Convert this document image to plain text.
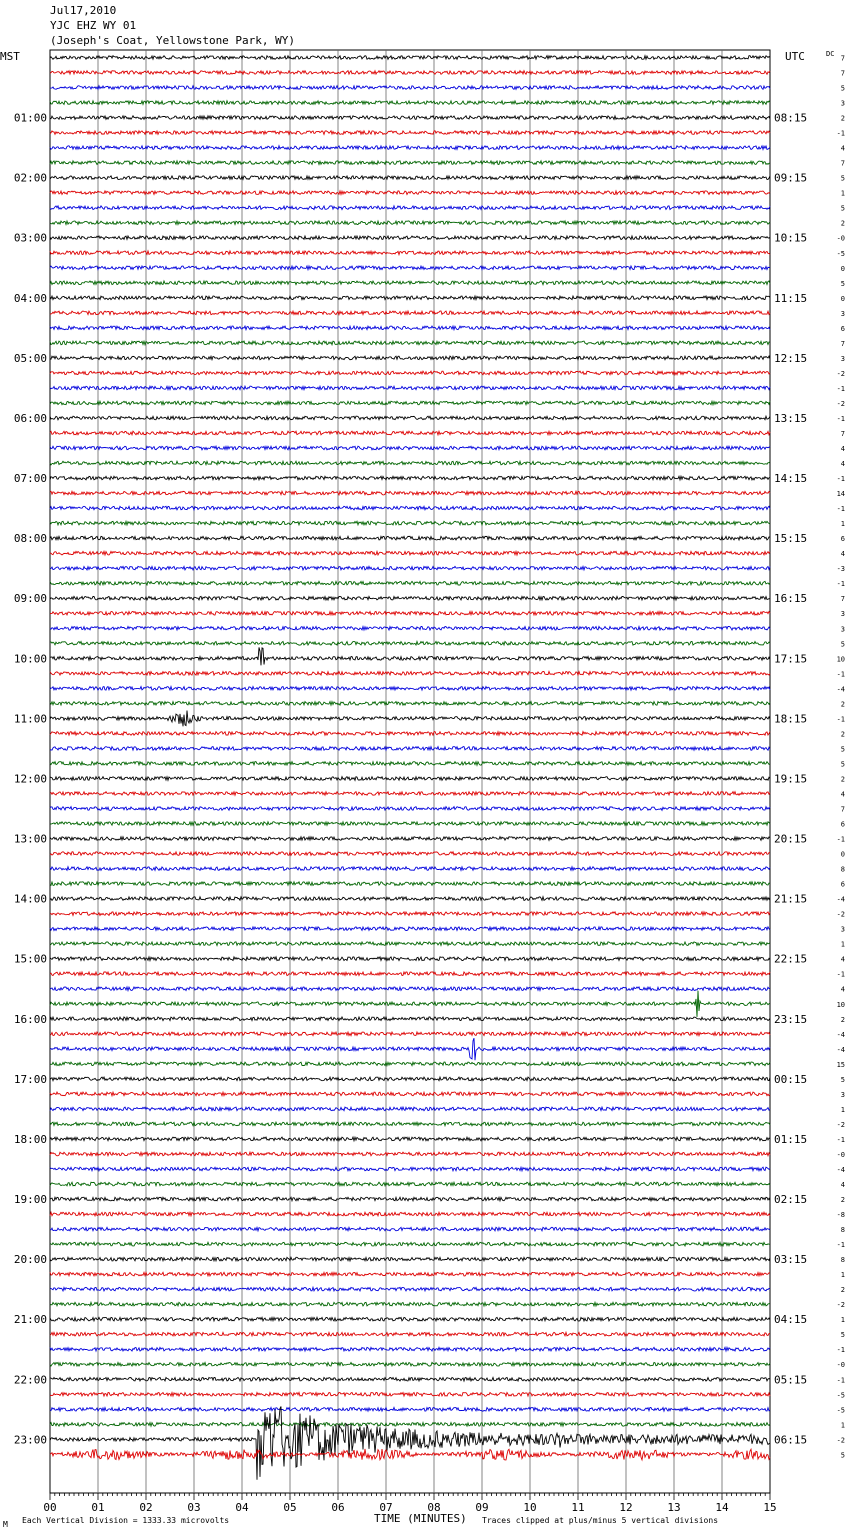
Jul17,2010
YJC EHZ WY 01
(Joseph's Coat, Yellowstone Park, WY)
MST	UTC	DC
01:00
02:00
03:00
04:00
05:00
06:00
07:00
08:00
09:00
10:00
11:00
12:00
13:00
14:00
15:00
16:00
17:00
18:00
19:00
20:00
21:00
22:00
23:00
08:15
09:15
10:15
11:15
12:15
13:15
14:15
15:15
16:15
17:15
18:15
19:15
20:15
21:15
22:15
23:15
00:15
01:15
02:15
03:15
04:15
05:15
06:15
7
7
5
3
2
-1
4
7
5
1
5
2
-0
-5
0
5
0
3
6
7
3
-2
-1
-2
-1
7
4
4
-1
14
-1
1
6
4
-3
-1
7
3
3
5
10
-1
-4
2
-1
2
5
5
2
4
7
6
-1
0
8
6
-4
-2
3
1
4
-1
4
10
2
-4
-4
15
5
3
1
-2
-1
-0
-4
4
2
-8
8
-1
8
1
2
-2
1
5
-1
-0
-1
-5
-5
1
-2
5
00	01	02	03	04	05	06	07	08	09	10	11	12	13	14	15
M Each Vertical Division = 1333.33 microvolts	TIME (MINUTES) Traces clipped at plus/minus 5 vertical divisions
